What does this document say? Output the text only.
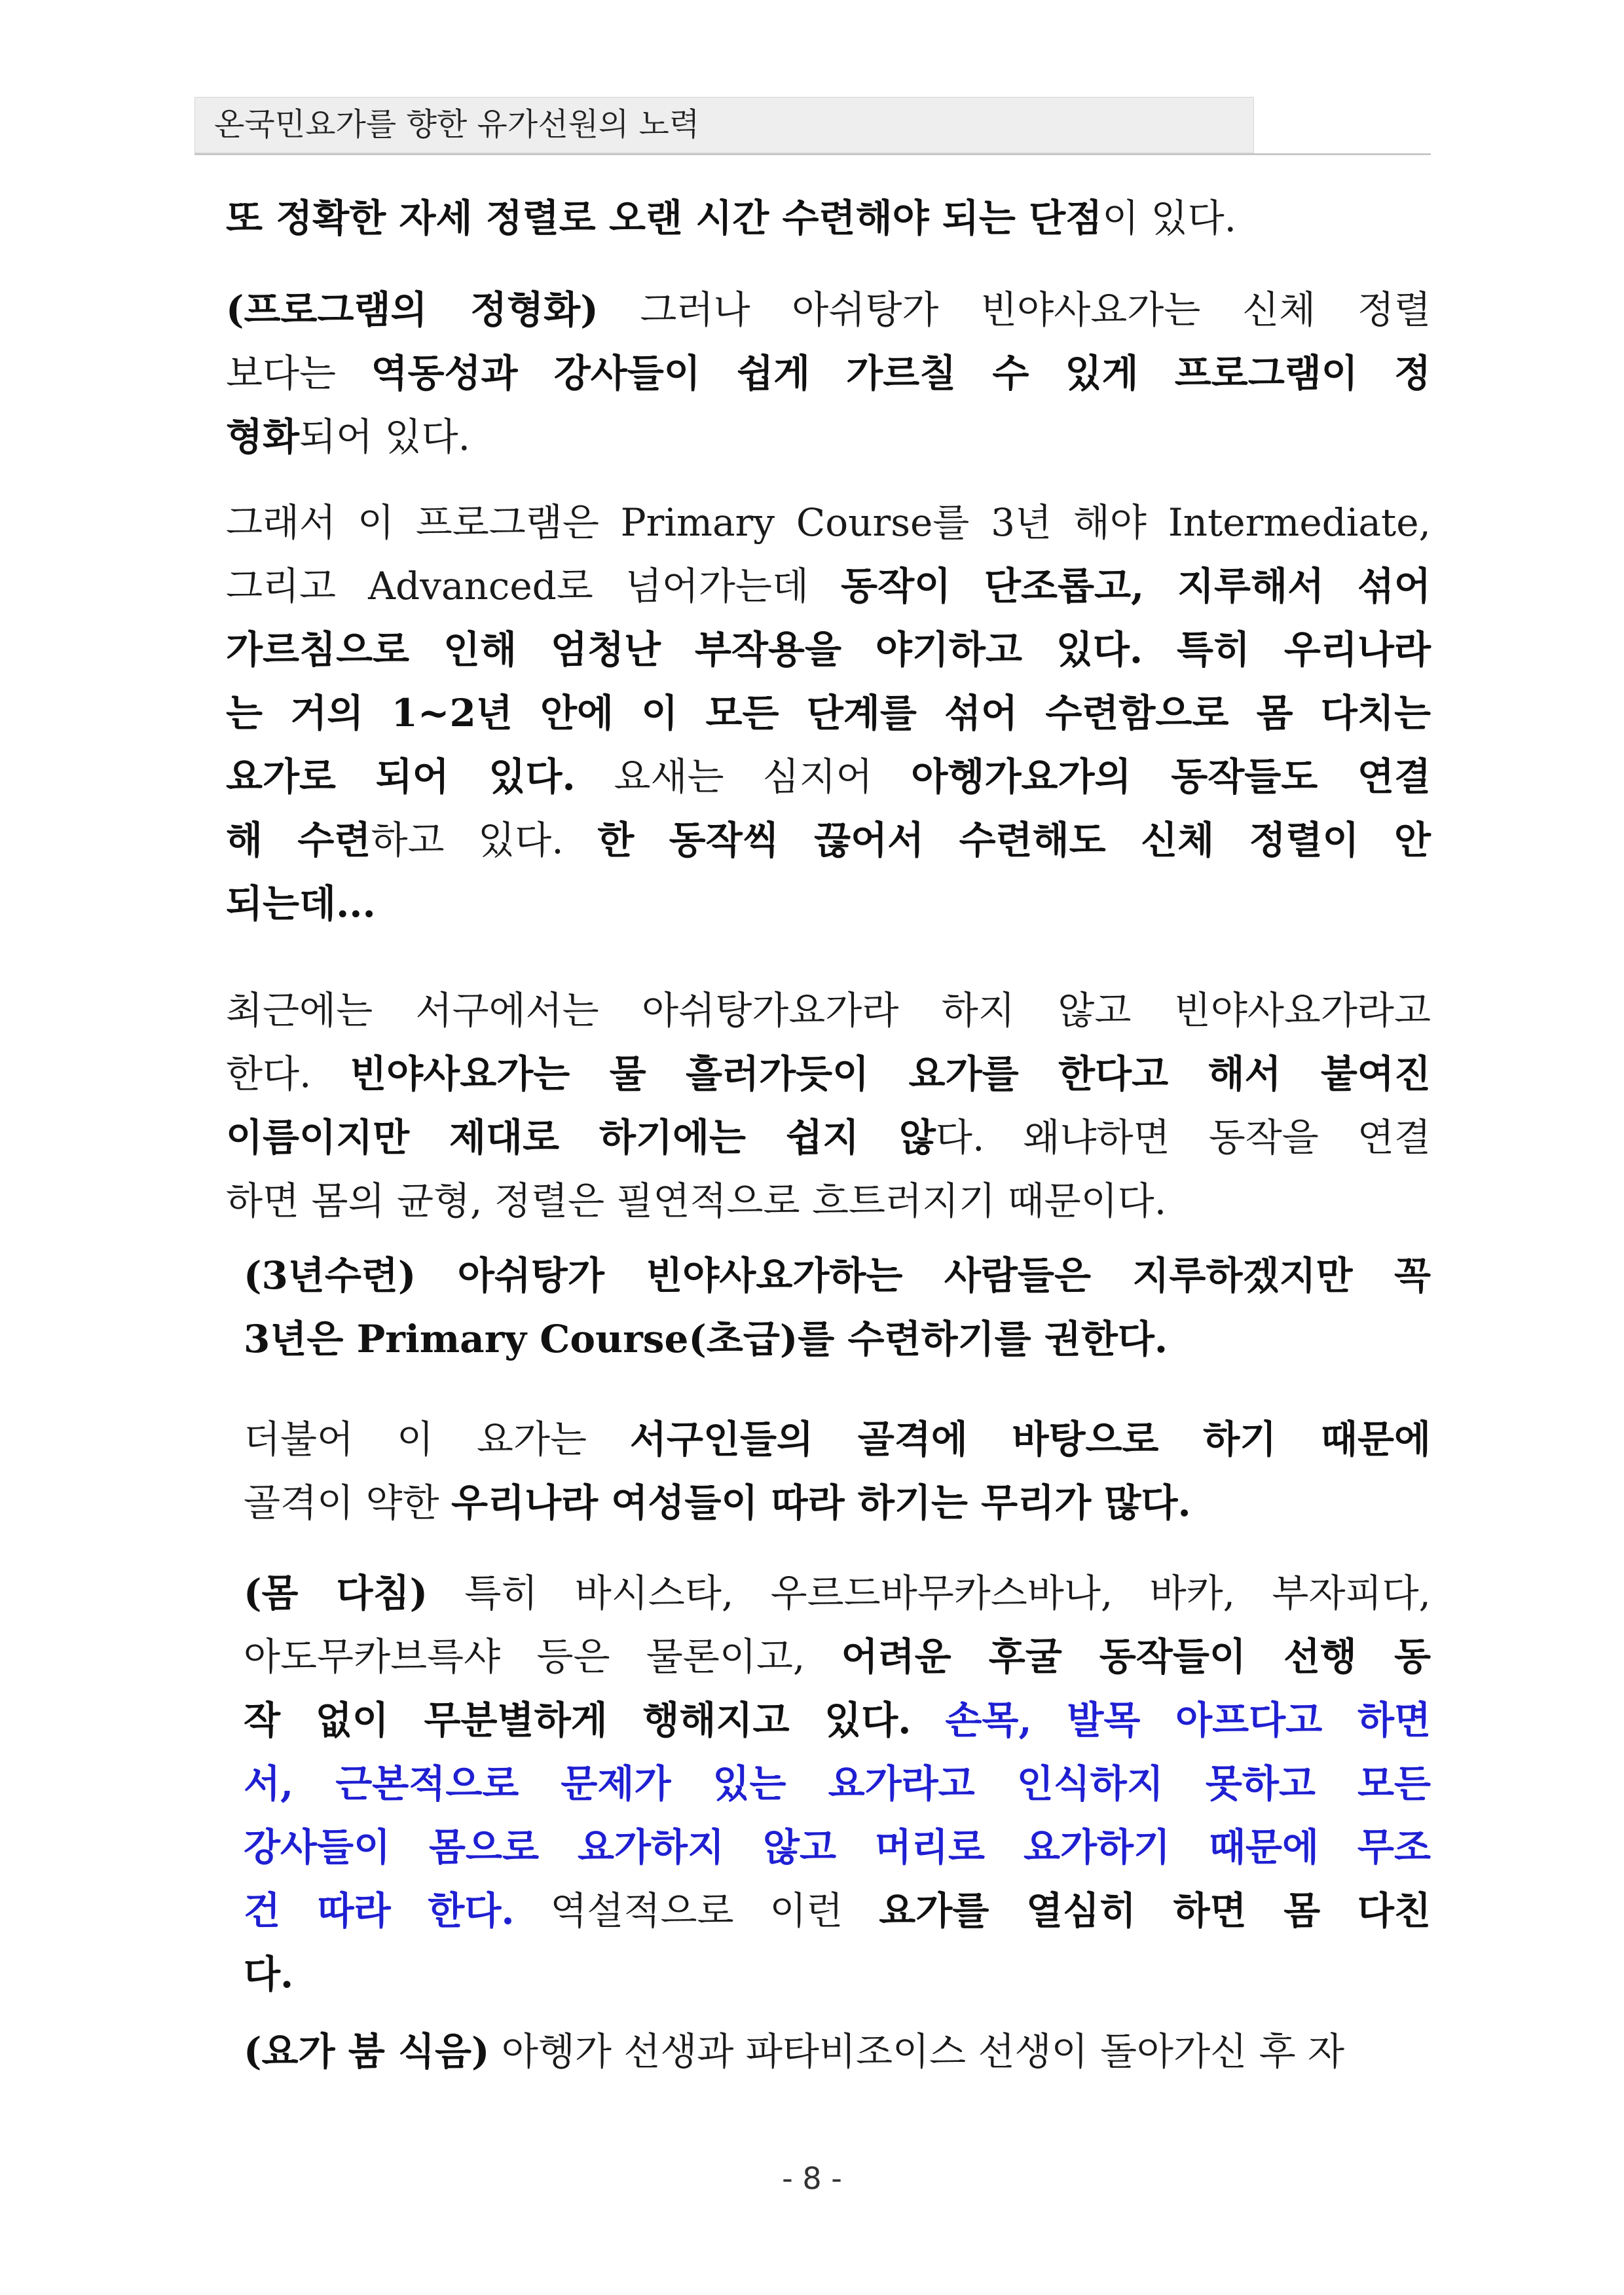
온국민요가를 향한 유가선원의 노력
또 정확한 자세 정렬로 오랜 시간 수련해야 되는 단점이 있다.
(프로그램의 정형화) 그러나 아쉬탕가 빈야사요가는 신체 정렬
보다는 역동성과 강사들이 쉽게 가르칠 수 있게 프로그램이 정
형화되어 있다.
그래서 이 프로그램은 Primary Course를 3년 해야 Intermediate,
그리고 Advanced로 넘어가는데 동작이 단조롭고, 지루해서 섞어
가르침으로 인해 엄청난 부작용을 야기하고 있다. 특히 우리나라
는 거의 1~2년 안에 이 모든 단계를 섞어 수련함으로 몸 다치는
요가로 되어 있다. 요새는 심지어 아헹가요가의 동작들도 연결
해 수련하고 있다. 한 동작씩 끊어서 수련해도 신체 정렬이 안
되는데...
최근에는 서구에서는 아쉬탕가요가라 하지 않고 빈야사요가라고
한다. 빈야사요가는 물 흘러가듯이 요가를 한다고 해서 붙여진
이름이지만 제대로 하기에는 쉽지 않다. 왜냐하면 동작을 연결
하면 몸의 균형, 정렬은 필연적으로 흐트러지기 때문이다.
(3년수련) 아쉬탕가 빈야사요가하는 사람들은 지루하겠지만 꼭
3년은 Primary Course(초급)를 수련하기를 권한다.
더불어 이 요가는 서구인들의 골격에 바탕으로 하기 때문에
골격이 약한 우리나라 여성들이 따라 하기는 무리가 많다.
(몸 다침) 특히 바시스타, 우르드바무카스바나, 바카, 부자피다,
아도무카브륵샤 등은 물론이고, 어려운 후굴 동작들이 선행 동
작 없이 무분별하게 행해지고 있다. 손목, 발목 아프다고 하면
서, 근본적으로 문제가 있는 요가라고 인식하지 못하고 모든
강사들이 몸으로 요가하지 않고 머리로 요가하기 때문에 무조
건 따라 한다. 역설적으로 이런 요가를 열심히 하면 몸 다친
다.
(요가 붐 식음) 아헹가 선생과 파타비조이스 선생이 돌아가신 후 자
- 8 -
